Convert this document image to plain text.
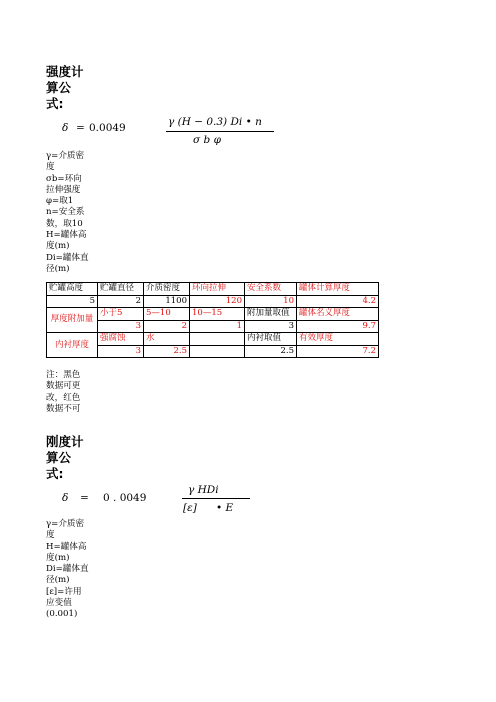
强度计
算公
式:
δ = 0.0049	γ (H − 0.3) Di • n
σ b φ
γ=介质密
度
σb=环向
拉伸强度
φ=取1
n=安全系
数，取10
H=罐体高
度(m)
Di=罐体直
径(m)
贮罐高度	贮罐直径	介质密度	环向拉伸	安全系数	罐体计算厚度
5	2	1100	120	10	4.2
厚度附加量	小于5	5—10	10—15	附加量取值	罐体名义厚度
	3	2	1	3	9.7
内衬厚度	强腐蚀	水		内衬取值	有效厚度
	3	2.5		2.5	7.2
注：黑色
数据可更
改，红色
数据不可
刚度计
算公
式:
δ = 0 . 0049
γ HDi
[ε] • E
γ=介质密
度
H=罐体高
度(m)
Di=罐体直
径(m)
[ε]=许用
应变值
(0.001)
